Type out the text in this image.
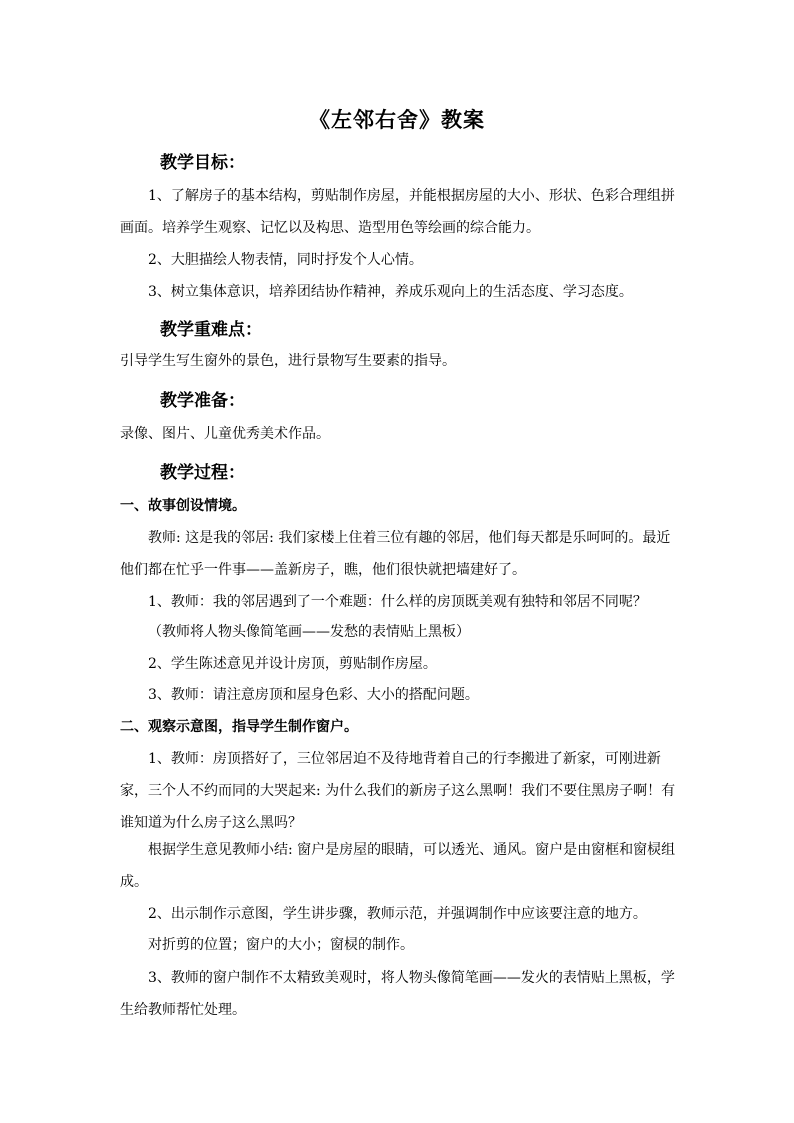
《左邻右舍》教案
教学目标：
1、了解房子的基本结构，剪贴制作房屋，并能根据房屋的大小、形状、色彩合理组拼画面。培养学生观察、记忆以及构思、造型用色等绘画的综合能力。
2、大胆描绘人物表情，同时抒发个人心情。
3、树立集体意识，培养团结协作精神，养成乐观向上的生活态度、学习态度。
教学重难点：
引导学生写生窗外的景色，进行景物写生要素的指导。
教学准备：
录像、图片、儿童优秀美术作品。
教学过程：
一、故事创设情境。
教师: 这是我的邻居: 我们家楼上住着三位有趣的邻居，他们每天都是乐呵呵的。最近他们都在忙乎一件事——盖新房子，瞧，他们很快就把墙建好了。
1、教师：我的邻居遇到了一个难题：什么样的房顶既美观有独特和邻居不同呢？
（教师将人物头像简笔画——发愁的表情贴上黑板）
2、学生陈述意见并设计房顶，剪贴制作房屋。
3、教师：请注意房顶和屋身色彩、大小的搭配问题。
二、观察示意图，指导学生制作窗户。
1、教师：房顶搭好了，三位邻居迫不及待地背着自己的行李搬进了新家，可刚进新家，三个人不约而同的大哭起来: 为什么我们的新房子这么黑啊！我们不要住黑房子啊！有谁知道为什么房子这么黑吗？
根据学生意见教师小结: 窗户是房屋的眼睛，可以透光、通风。窗户是由窗框和窗棂组成。
2、出示制作示意图，学生讲步骤，教师示范，并强调制作中应该要注意的地方。
对折剪的位置；窗户的大小；窗棂的制作。
3、教师的窗户制作不太精致美观时，将人物头像简笔画——发火的表情贴上黑板，学生给教师帮忙处理。
